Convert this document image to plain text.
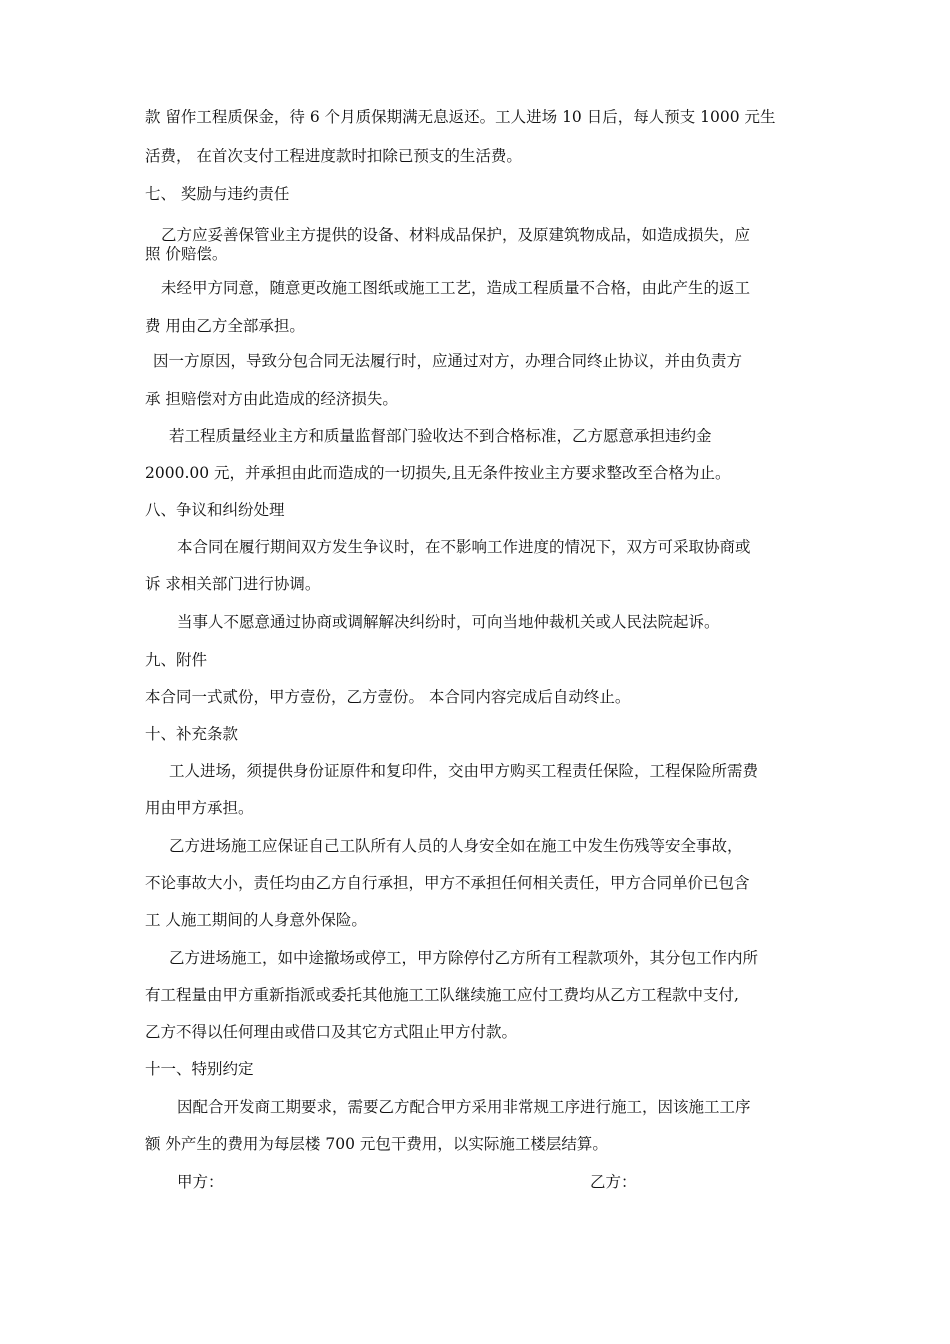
款 留作工程质保金，待 6 个月质保期满无息返还。工人进场 10 日后，每人预支 1000 元生
活费， 在首次支付工程进度款时扣除已预支的生活费。
七、 奖励与违约责任
乙方应妥善保管业主方提供的设备、材料成品保护，及原建筑物成品，如造成损失，应
照 价赔偿。
未经甲方同意，随意更改施工图纸或施工工艺，造成工程质量不合格，由此产生的返工
费 用由乙方全部承担。
因一方原因，导致分包合同无法履行时，应通过对方，办理合同终止协议，并由负责方
承 担赔偿对方由此造成的经济损失。
若工程质量经业主方和质量监督部门验收达不到合格标准，乙方愿意承担违约金
2000.00 元，并承担由此而造成的一切损失,且无条件按业主方要求整改至合格为止。
八、争议和纠纷处理
本合同在履行期间双方发生争议时，在不影响工作进度的情况下，双方可采取协商或
诉 求相关部门进行协调。
当事人不愿意通过协商或调解解决纠纷时，可向当地仲裁机关或人民法院起诉。
九、附件
本合同一式贰份，甲方壹份，乙方壹份。 本合同内容完成后自动终止。
十、补充条款
工人进场，须提供身份证原件和复印件，交由甲方购买工程责任保险，工程保险所需费
用由甲方承担。
乙方进场施工应保证自己工队所有人员的人身安全如在施工中发生伤残等安全事故，
不论事故大小，责任均由乙方自行承担，甲方不承担任何相关责任，甲方合同单价已包含
工 人施工期间的人身意外保险。
乙方进场施工，如中途撤场或停工，甲方除停付乙方所有工程款项外，其分包工作内所
有工程量由甲方重新指派或委托其他施工工队继续施工应付工费均从乙方工程款中支付,
乙方不得以任何理由或借口及其它方式阻止甲方付款。
十一、特别约定
因配合开发商工期要求，需要乙方配合甲方采用非常规工序进行施工，因该施工工序
额 外产生的费用为每层楼 700 元包干费用，以实际施工楼层结算。
甲方：	乙方：
